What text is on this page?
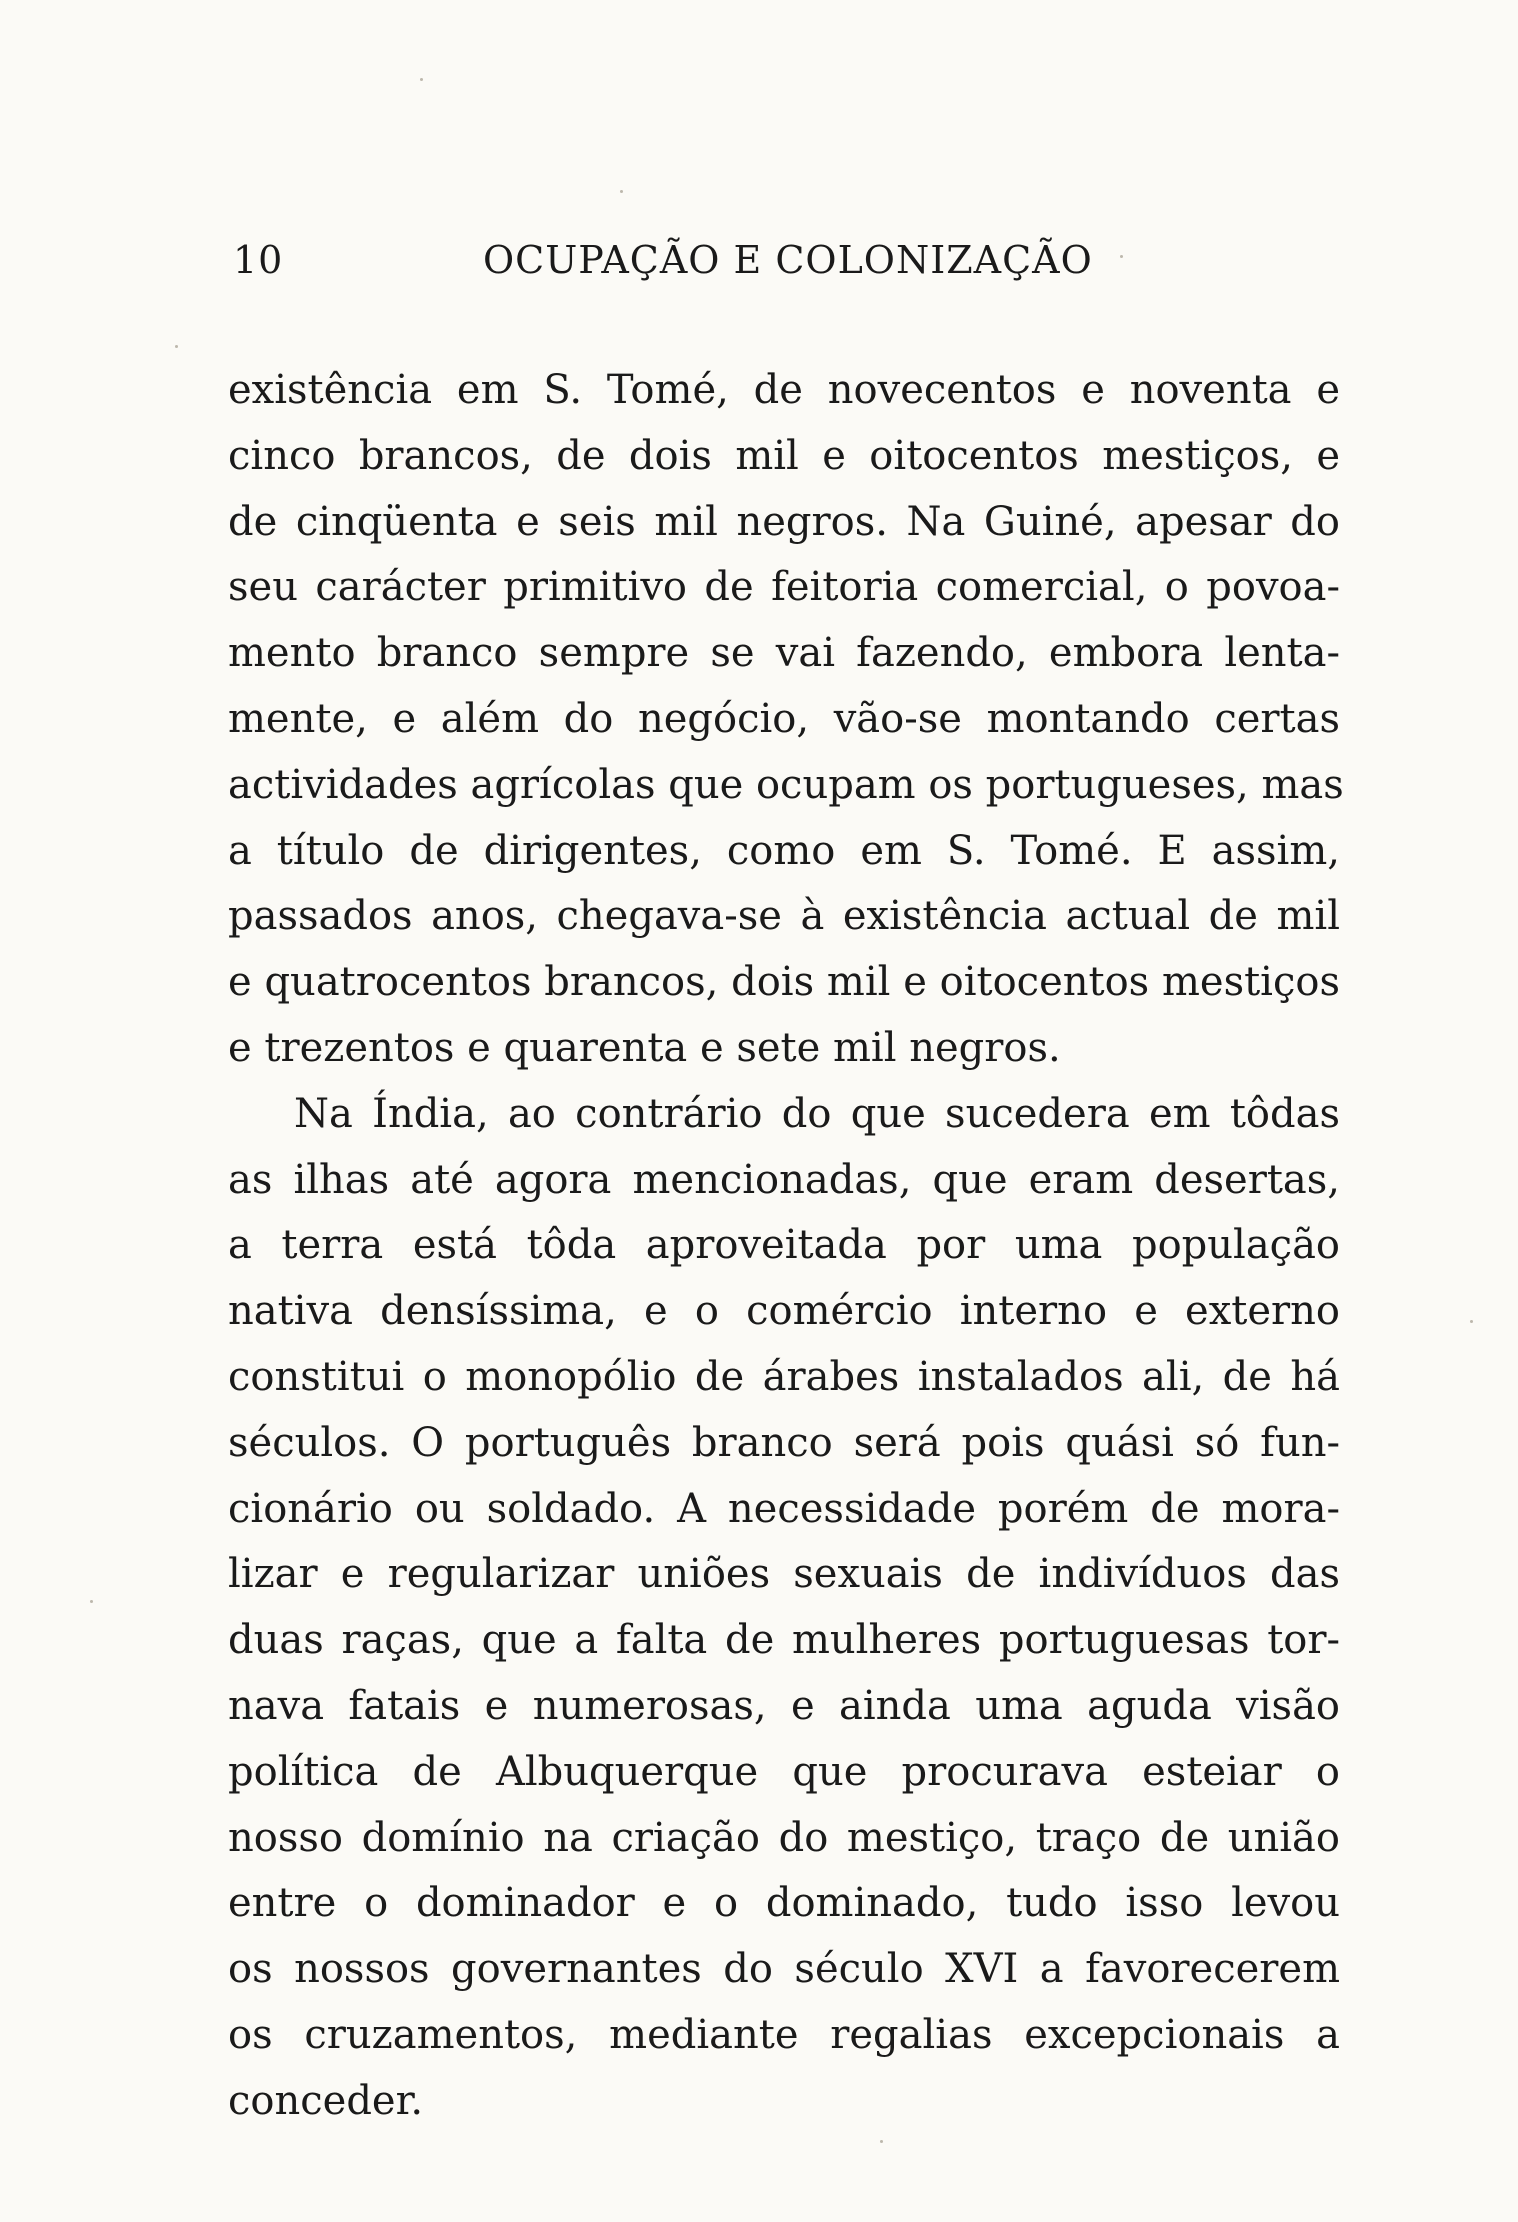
10	OCUPAÇÃO E COLONIZAÇÃO
existência em S. Tomé, de novecentos e noventa e
cinco brancos, de dois mil e oitocentos mestiços, e
de cinqüenta e seis mil negros. Na Guiné, apesar do
seu carácter primitivo de feitoria comercial, o povoa-
mento branco sempre se vai fazendo, embora lenta-
mente, e além do negócio, vão-se montando certas
actividades agrícolas que ocupam os portugueses, mas
a título de dirigentes, como em S. Tomé. E assim,
passados anos, chegava-se à existência actual de mil
e quatrocentos brancos, dois mil e oitocentos mestiços
e trezentos e quarenta e sete mil negros.
Na Índia, ao contrário do que sucedera em tôdas
as ilhas até agora mencionadas, que eram desertas,
a terra está tôda aproveitada por uma população
nativa densíssima, e o comércio interno e externo
constitui o monopólio de árabes instalados ali, de há
séculos. O português branco será pois quási só fun-
cionário ou soldado. A necessidade porém de mora-
lizar e regularizar uniões sexuais de indivíduos das
duas raças, que a falta de mulheres portuguesas tor-
nava fatais e numerosas, e ainda uma aguda visão
política de Albuquerque que procurava esteiar o
nosso domínio na criação do mestiço, traço de união
entre o dominador e o dominado, tudo isso levou
os nossos governantes do século XVI a favorecerem
os cruzamentos, mediante regalias excepcionais a
conceder.
